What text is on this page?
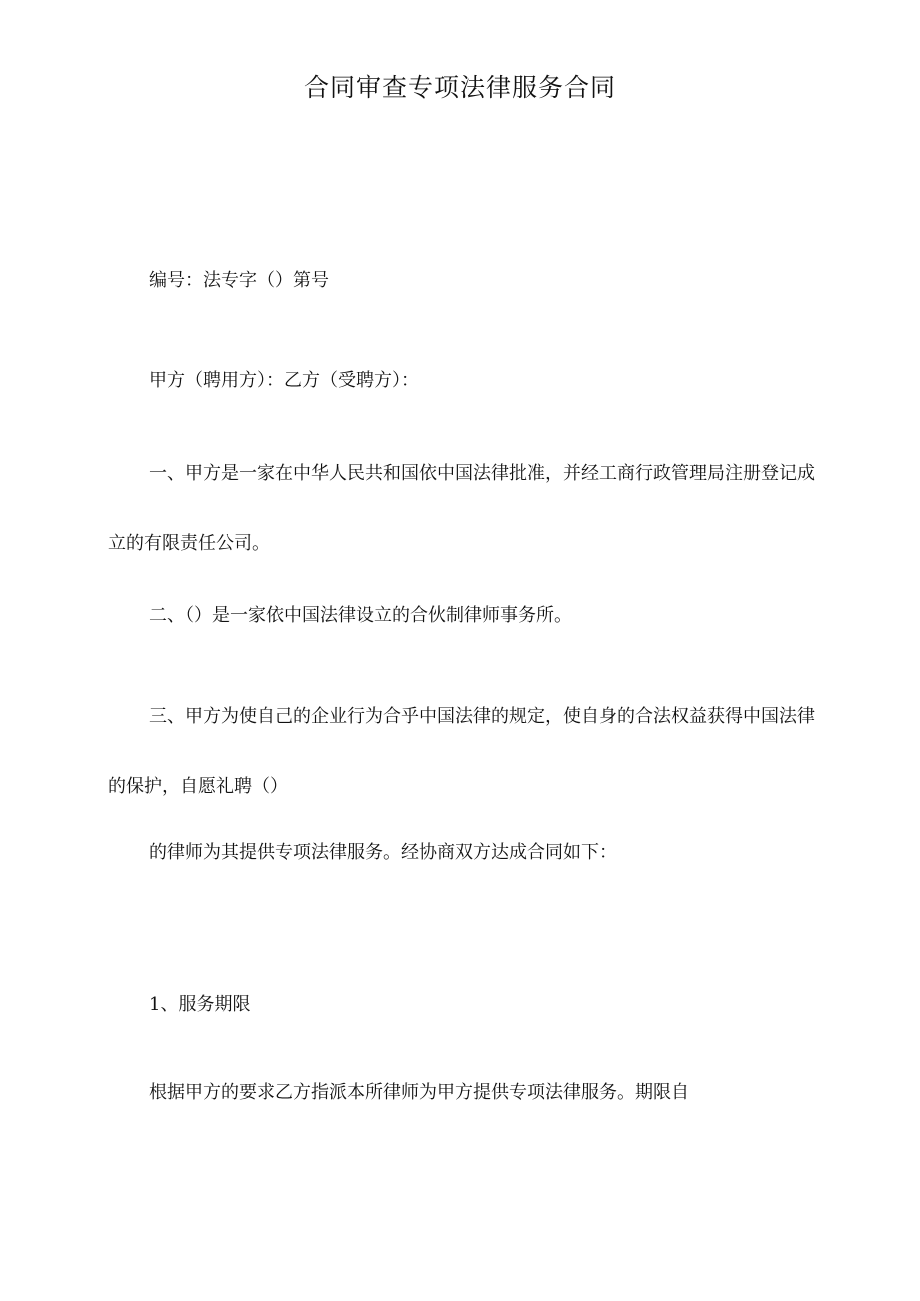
合同审查专项法律服务合同

编号：法专字（）第号

甲方（聘用方）：乙方（受聘方）：

一、甲方是一家在中华人民共和国依中国法律批准，并经工商行政管理局注册登记成立的有限责任公司。

二、（）是一家依中国法律设立的合伙制律师事务所。

三、甲方为使自己的企业行为合乎中国法律的规定，使自身的合法权益获得中国法律的保护，自愿礼聘（）

的律师为其提供专项法律服务。经协商双方达成合同如下：

1、服务期限

根据甲方的要求乙方指派本所律师为甲方提供专项法律服务。期限自
